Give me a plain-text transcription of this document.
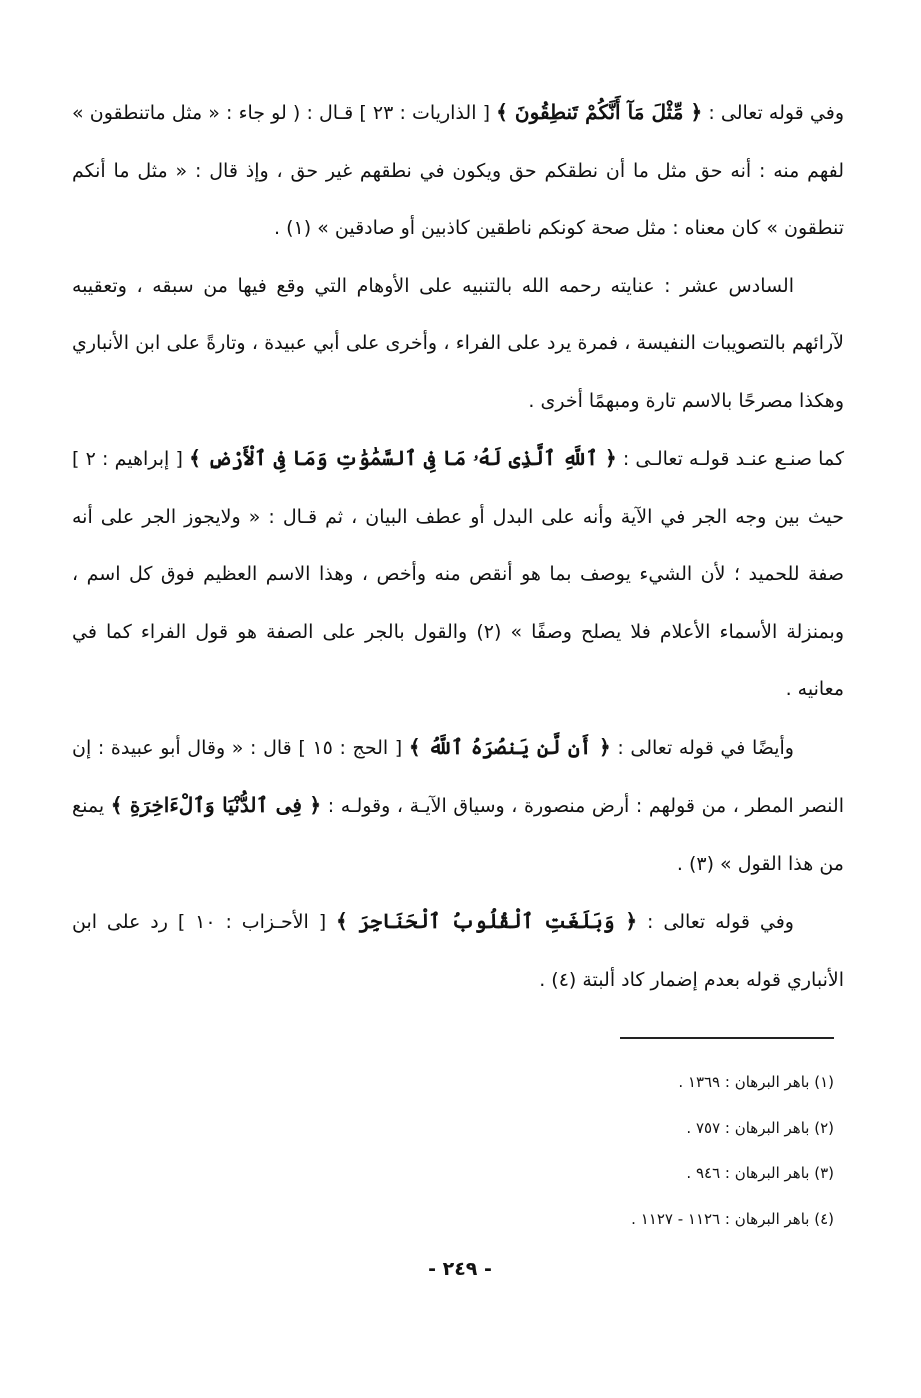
وفي قوله تعالى : ﴿ مِّثْلَ مَآ أَنَّكُمْ تَنطِقُونَ ﴾ [ الذاريات : ٢٣ ] قـال : ( لو جاء : « مثل ماتنطقون » لفهم منه : أنه حق مثل ما أن نطقكم حق ويكون في نطقهم غير حق ، وإذ قال : « مثل ما أنكم تنطقون » كان معناه : مثل صحة كونكم ناطقين كاذبين أو صادقين » (١) .

السادس عشر : عنايته رحمه الله بالتنبيه على الأوهام التي وقع فيها من سبقه ، وتعقيبه لآرائهم بالتصويبات النفيسة ، فمرة يرد على الفراء ، وأخرى على أبي عبيدة ، وتارةً على ابن الأنباري وهكذا مصرحًا بالاسم تارة ومبهمًا أخرى .

كما صنـع عنـد قولـه تعالـى : ﴿ ٱللَّهِ ٱلَّذِى لَهُۥ مَا فِى ٱلسَّمَٰوَٰتِ وَمَا فِى ٱلْأَرْضِ ﴾ [ إبراهيم : ٢ ] حيث بين وجه الجر في الآية وأنه على البدل أو عطف البيان ، ثم قـال : « ولايجوز الجر على أنه صفة للحميد ؛ لأن الشيء يوصف بما هو أنقص منه وأخص ، وهذا الاسم العظيم فوق كل اسم ، وبمنزلة الأسماء الأعلام فلا يصلح وصفًا » (٢) والقول بالجر على الصفة هو قول الفراء كما في معانيه .

وأيضًا في قوله تعالى : ﴿ أَن لَّن يَنصُرَهُ ٱللَّهُ ﴾ [ الحج : ١٥ ] قال : « وقال أبو عبيدة : إن النصر المطر ، من قولهم : أرض منصورة ، وسياق الآيـة ، وقولـه : ﴿ فِى ٱلدُّنْيَا وَٱلْءَاخِرَةِ ﴾ يمنع من هذا القول » (٣) .

وفي قوله تعالى : ﴿ وَبَلَغَتِ ٱلْقُلُوبُ ٱلْحَنَاجِرَ ﴾ [ الأحـزاب : ١٠ ] رد على ابن الأنباري قوله بعدم إضمار كاد ألبتة (٤) .

(١) باهر البرهان : ١٣٦٩ .

(٢) باهر البرهان : ٧٥٧ .

(٣) باهر البرهان : ٩٤٦ .

(٤) باهر البرهان : ١١٢٦ - ١١٢٧ .

- ٢٤٩ -
